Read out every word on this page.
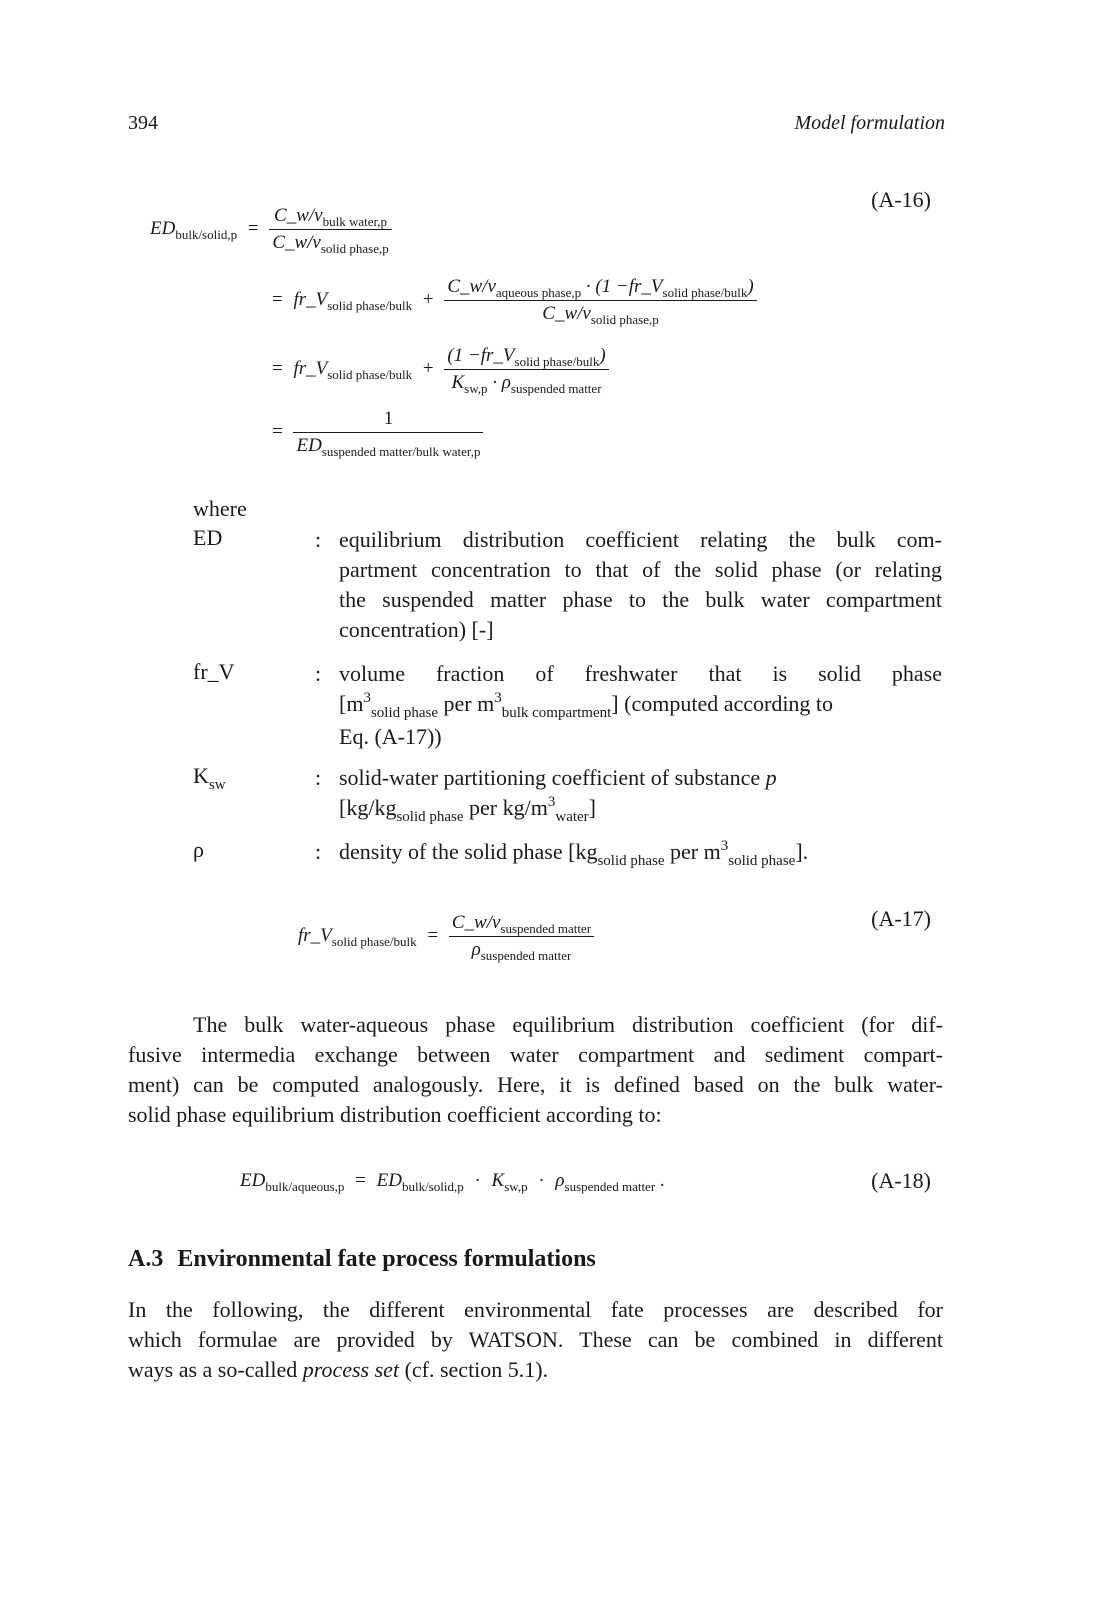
394	Model formulation
(A-16)
$ED_{bulk/solid,p} = \frac{C\_w/v_{bulk water,p}}{C\_w/v_{solid phase,p}}$
= $fr\_V_{solid phase/bulk} + \frac{C\_w/v_{aqueous phase,p} \cdot (1 -fr\_V_{solid phase/bulk})}{C\_w/v_{solid phase,p}}$
= $fr\_V_{solid phase/bulk} + \frac{(1 -fr\_V_{solid phase/bulk})}{K_{sw,p} \cdot \rho_{suspended matter}}$
= $\frac{1}{ED_{suspended matter/bulk water,p}}$
where
ED	: equilibrium distribution coefficient relating the bulk com-
partment concentration to that of the solid phase (or relating
the suspended matter phase to the bulk water compartment
concentration) [-]
fr_V	: volume fraction of freshwater that is solid phase
[$m^3_{solid phase}$ per $m^3_{bulk compartment}$] (computed according to
Eq. (A-17))
$K_{sw}$	: solid-water partitioning coefficient of substance p
[$kg/kg_{solid phase}$ per $kg/m^3_{water}$]
ρ	: density of the solid phase [$kg_{solid phase}$ per $m^3_{solid phase}$].
(A-17)
$fr\_V_{solid phase/bulk} = \frac{C\_w/v_{suspended matter}}{\rho_{suspended matter}}$
The bulk water-aqueous phase equilibrium distribution coefficient (for dif-
fusive intermedia exchange between water compartment and sediment compart-
ment) can be computed analogously. Here, it is defined based on the bulk water-
solid phase equilibrium distribution coefficient according to:
(A-18)
$ED_{bulk/aqueous,p} = ED_{bulk/solid,p} \cdot K_{sw,p} \cdot \rho_{suspended matter}$ .
A.3 Environmental fate process formulations
In the following, the different environmental fate processes are described for
which formulae are provided by WATSON. These can be combined in different
ways as a so-called process set (cf. section 5.1).
